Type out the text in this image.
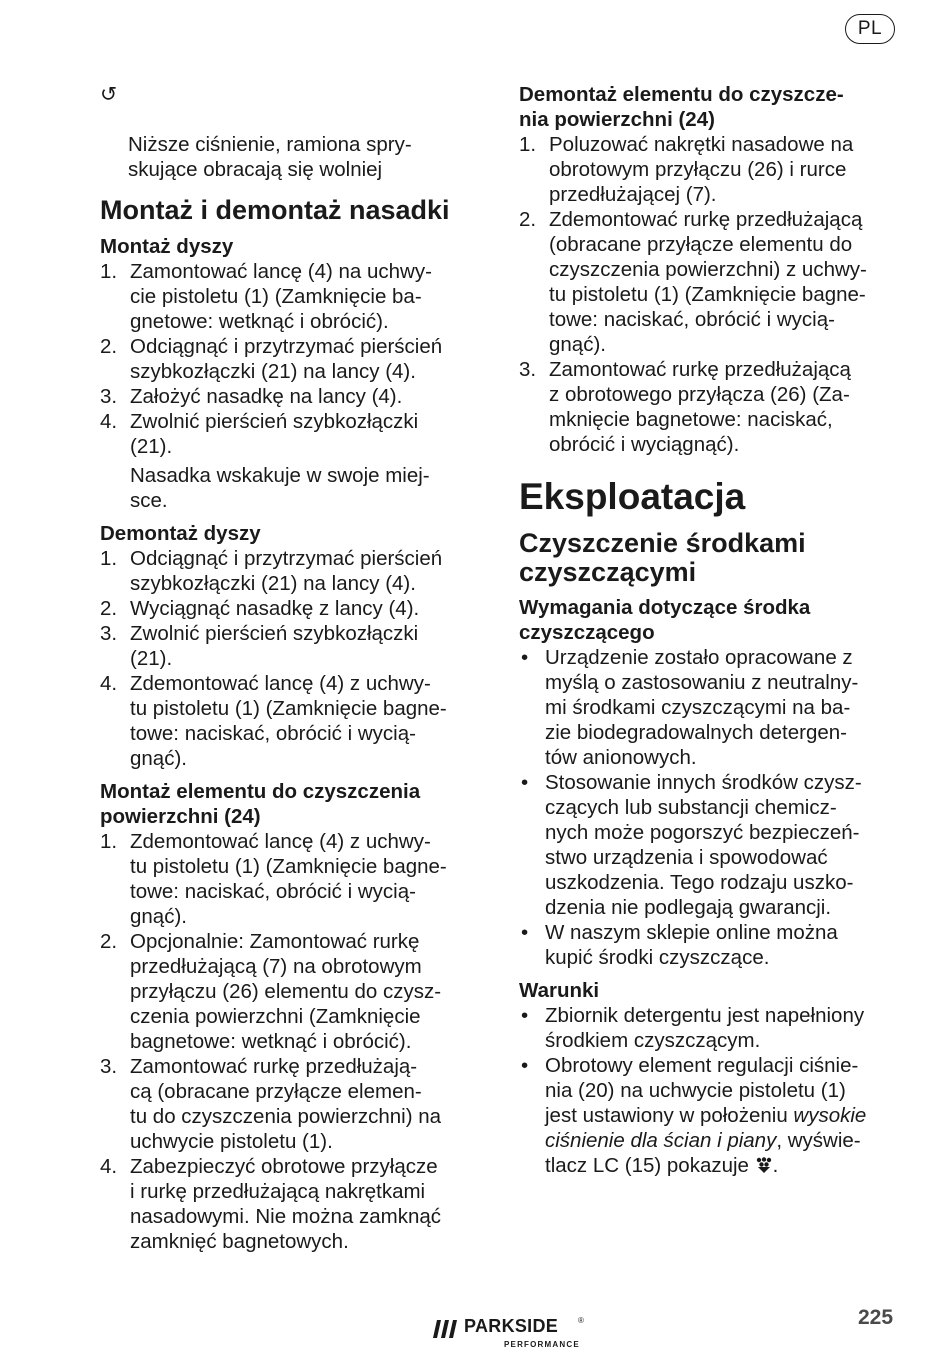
PL

↺

Niższe ciśnienie, ramiona spry-
skujące obracają się wolniej

Montaż i demontaż nasadki
Montaż dyszy
1. Zamontować lancę (4) na uchwy-
cie pistoletu (1) (Zamknięcie ba-
gnetowe: wetknąć i obrócić).
2. Odciągnąć i przytrzymać pierścień
szybkozłączki (21) na lancy (4).
3. Założyć nasadkę na lancy (4).
4. Zwolnić pierścień szybkozłączki
(21).
Nasadka wskakuje w swoje miej-
sce.
Demontaż dyszy
1. Odciągnąć i przytrzymać pierścień
szybkozłączki (21) na lancy (4).
2. Wyciągnąć nasadkę z lancy (4).
3. Zwolnić pierścień szybkozłączki
(21).
4. Zdemontować lancę (4) z uchwy-
tu pistoletu (1) (Zamknięcie bagne-
towe: naciskać, obrócić i wycią-
gnąć).
Montaż elementu do czyszczenia
powierzchni (24)
1. Zdemontować lancę (4) z uchwy-
tu pistoletu (1) (Zamknięcie bagne-
towe: naciskać, obrócić i wycią-
gnąć).
2. Opcjonalnie: Zamontować rurkę
przedłużającą (7) na obrotowym
przyłączu (26) elementu do czysz-
czenia powierzchni (Zamknięcie
bagnetowe: wetknąć i obrócić).
3. Zamontować rurkę przedłużają-
cą (obracane przyłącze elemen-
tu do czyszczenia powierzchni) na
uchwycie pistoletu (1).
4. Zabezpieczyć obrotowe przyłącze
i rurkę przedłużającą nakrętkami
nasadowymi. Nie można zamknąć
zamknięć bagnetowych.
Demontaż elementu do czyszcze-
nia powierzchni (24)
1. Poluzować nakrętki nasadowe na
obrotowym przyłączu (26) i rurce
przedłużającej (7).
2. Zdemontować rurkę przedłużającą
(obracane przyłącze elementu do
czyszczenia powierzchni) z uchwy-
tu pistoletu (1) (Zamknięcie bagne-
towe: naciskać, obrócić i wycią-
gnąć).
3. Zamontować rurkę przedłużającą
z obrotowego przyłącza (26) (Za-
mknięcie bagnetowe: naciskać,
obrócić i wyciągnąć).
Eksploatacja
Czyszczenie środkami
czyszczącymi
Wymagania dotyczące środka
czyszczącego
• Urządzenie zostało opracowane z
myślą o zastosowaniu z neutralny-
mi środkami czyszczącymi na ba-
zie biodegradowalnych detergen-
tów anionowych.
• Stosowanie innych środków czysz-
czących lub substancji chemicz-
nych może pogorszyć bezpieczeń-
stwo urządzenia i spowodować
uszkodzenia. Tego rodzaju uszko-
dzenia nie podlegają gwarancji.
• W naszym sklepie online można
kupić środki czyszczące.
Warunki
• Zbiornik detergentu jest napełniony
środkiem czyszczącym.
• Obrotowy element regulacji ciśnie-
nia (20) na uchwycie pistoletu (1)
jest ustawiony w położeniu wysokie
ciśnienie dla ścian i piany, wyświe-
tlacz LC (15) pokazuje .
PARKSIDE ®
PERFORMANCE
225
